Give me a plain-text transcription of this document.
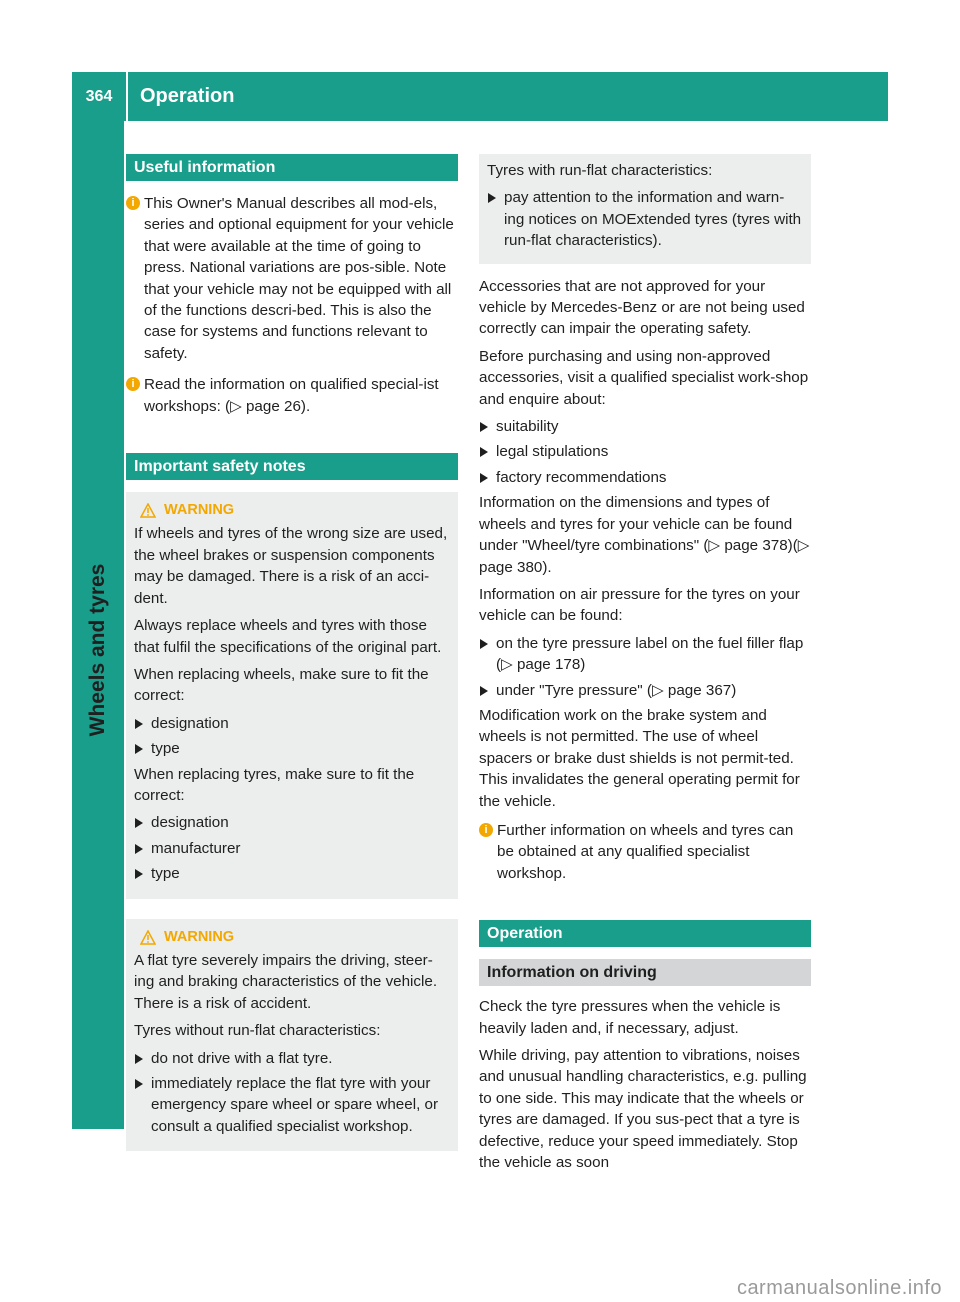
364	Operation
Wheels and tyres
Useful information
i This Owner's Manual describes all mod-els, series and optional equipment for your vehicle that were available at the time of going to press. National variations are pos-sible. Note that your vehicle may not be equipped with all of the functions descri-bed. This is also the case for systems and functions relevant to safety.
i Read the information on qualified special-ist workshops: (▷ page 26).
Important safety notes
WARNING
If wheels and tyres of the wrong size are used, the wheel brakes or suspension components may be damaged. There is a risk of an acci-dent.
Always replace wheels and tyres with those that fulfil the specifications of the original part.
When replacing wheels, make sure to fit the correct:
designation
type
When replacing tyres, make sure to fit the correct:
designation
manufacturer
type
WARNING
A flat tyre severely impairs the driving, steer-ing and braking characteristics of the vehicle. There is a risk of accident.
Tyres without run-flat characteristics:
do not drive with a flat tyre.
immediately replace the flat tyre with your emergency spare wheel or spare wheel, or consult a qualified specialist workshop.
Tyres with run-flat characteristics:
pay attention to the information and warn-ing notices on MOExtended tyres (tyres with run-flat characteristics).
Accessories that are not approved for your vehicle by Mercedes-Benz or are not being used correctly can impair the operating safety.
Before purchasing and using non-approved accessories, visit a qualified specialist work-shop and enquire about:
suitability
legal stipulations
factory recommendations
Information on the dimensions and types of wheels and tyres for your vehicle can be found under "Wheel/tyre combinations" (▷ page 378)(▷ page 380).
Information on air pressure for the tyres on your vehicle can be found:
on the tyre pressure label on the fuel filler flap (▷ page 178)
under "Tyre pressure" (▷ page 367)
Modification work on the brake system and wheels is not permitted. The use of wheel spacers or brake dust shields is not permit-ted. This invalidates the general operating permit for the vehicle.
i Further information on wheels and tyres can be obtained at any qualified specialist workshop.
Operation
Information on driving
Check the tyre pressures when the vehicle is heavily laden and, if necessary, adjust.
While driving, pay attention to vibrations, noises and unusual handling characteristics, e.g. pulling to one side. This may indicate that the wheels or tyres are damaged. If you sus-pect that a tyre is defective, reduce your speed immediately. Stop the vehicle as soon
carmanualsonline.info
